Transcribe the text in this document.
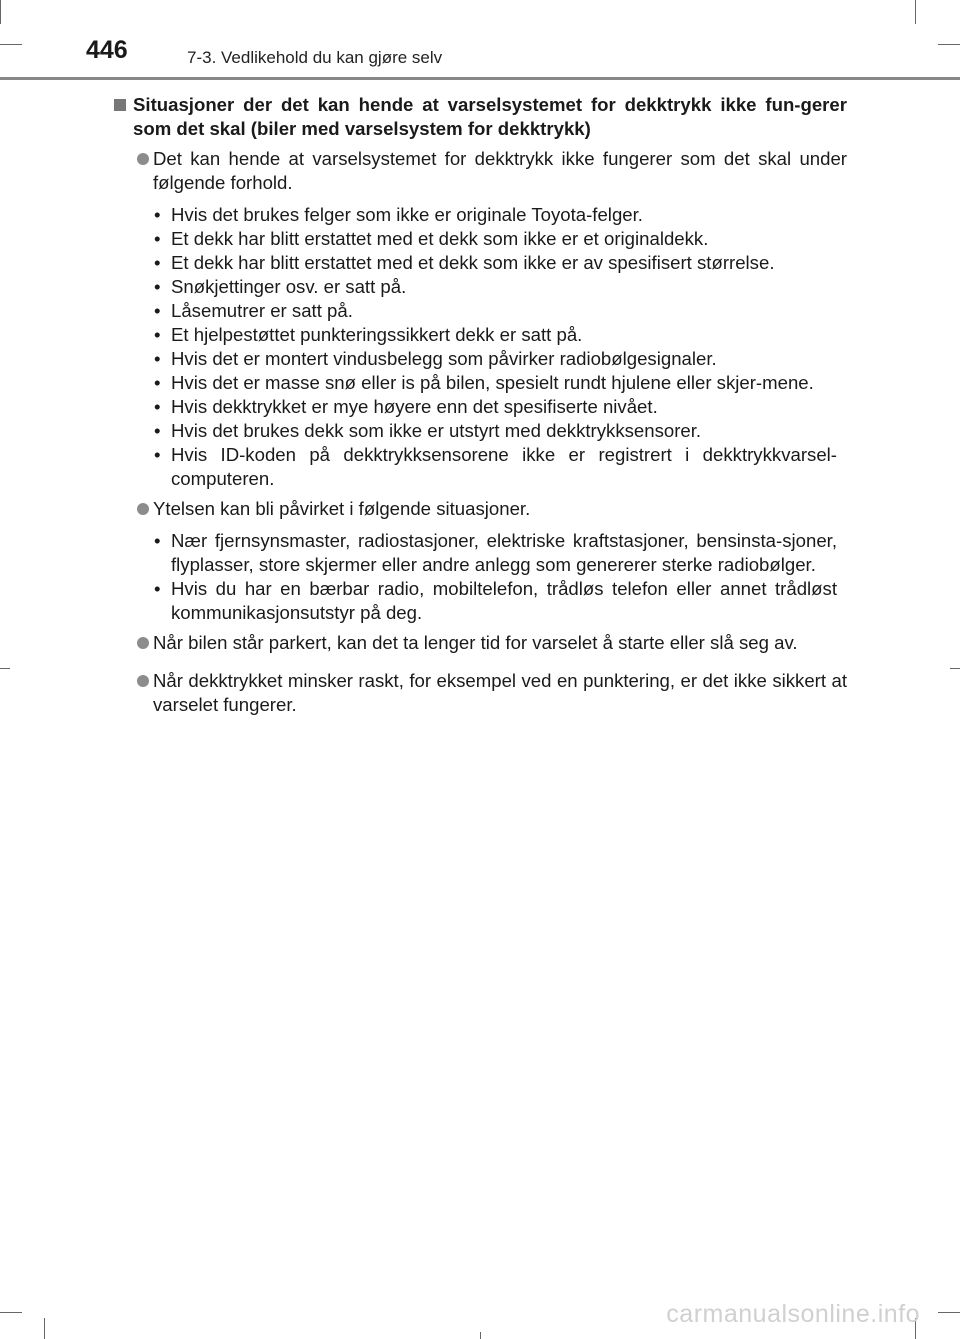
446	7-3. Vedlikehold du kan gjøre selv
Situasjoner der det kan hende at varselsystemet for dekktrykk ikke fun-gerer som det skal (biler med varselsystem for dekktrykk)
Det kan hende at varselsystemet for dekktrykk ikke fungerer som det skal under følgende forhold.
• Hvis det brukes felger som ikke er originale Toyota-felger.
• Et dekk har blitt erstattet med et dekk som ikke er et originaldekk.
• Et dekk har blitt erstattet med et dekk som ikke er av spesifisert størrelse.
• Snøkjettinger osv. er satt på.
• Låsemutrer er satt på.
• Et hjelpestøttet punkteringssikkert dekk er satt på.
• Hvis det er montert vindusbelegg som påvirker radiobølgesignaler.
• Hvis det er masse snø eller is på bilen, spesielt rundt hjulene eller skjer-mene.
• Hvis dekktrykket er mye høyere enn det spesifiserte nivået.
• Hvis det brukes dekk som ikke er utstyrt med dekktrykksensorer.
• Hvis ID-koden på dekktrykksensorene ikke er registrert i dekktrykkvarsel-computeren.
Ytelsen kan bli påvirket i følgende situasjoner.
• Nær fjernsynsmaster, radiostasjoner, elektriske kraftstasjoner, bensinsta-sjoner, flyplasser, store skjermer eller andre anlegg som genererer sterke radiobølger.
• Hvis du har en bærbar radio, mobiltelefon, trådløs telefon eller annet trådløst kommunikasjonsutstyr på deg.
Når bilen står parkert, kan det ta lenger tid for varselet å starte eller slå seg av.
Når dekktrykket minsker raskt, for eksempel ved en punktering, er det ikke sikkert at varselet fungerer.
carmanualsonline.info
